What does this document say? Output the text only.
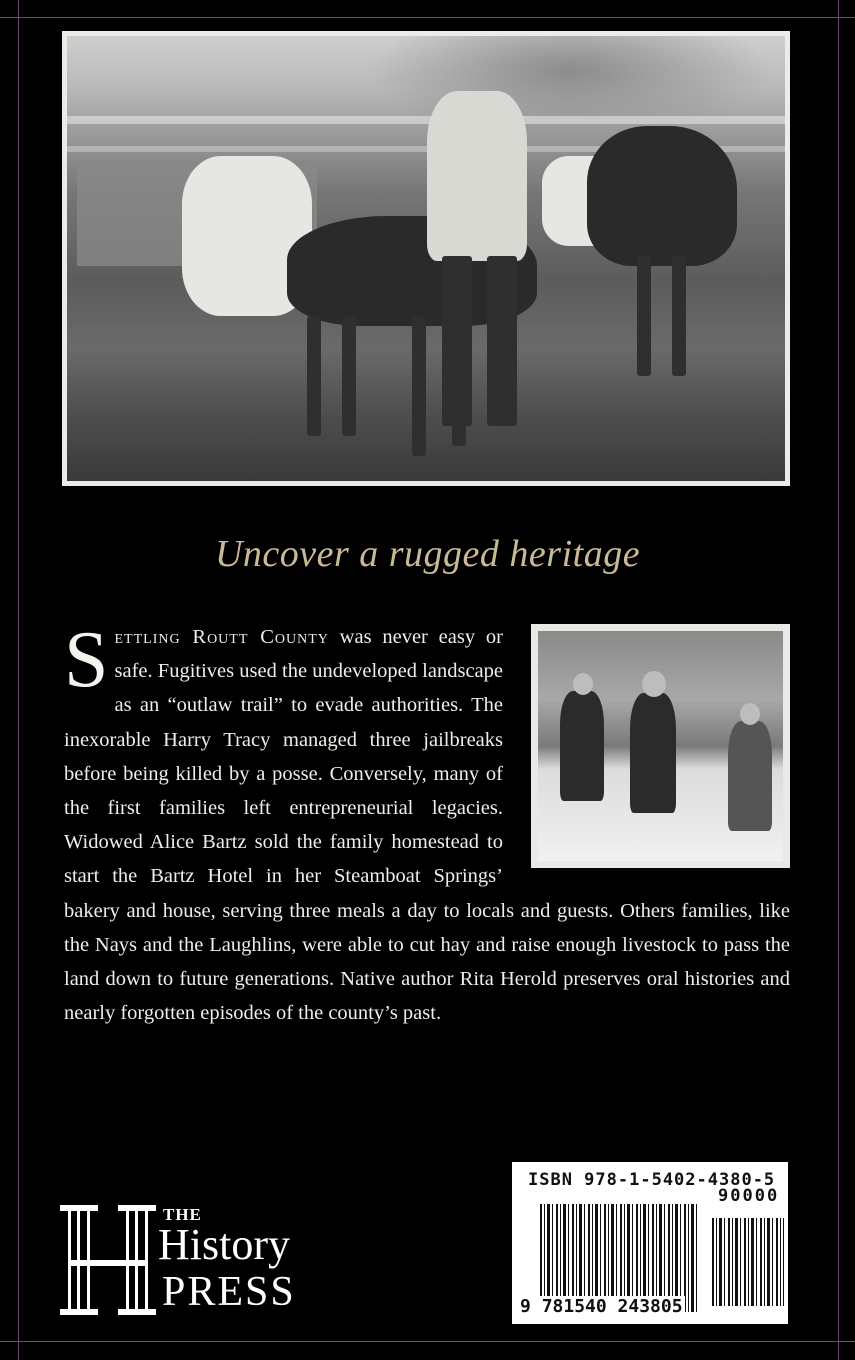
Uncover a rugged heritage
Settling Routt County was never easy or safe. Fugitives used the undeveloped landscape as an “outlaw trail” to evade authorities. The inexorable Harry Tracy managed three jailbreaks before being killed by a posse. Conversely, many of the first families left entrepreneurial legacies. Widowed Alice Bartz sold the family homestead to start the Bartz Hotel in her Steamboat Springs’ bakery and house, serving three meals a day to locals and guests. Others families, like the Nays and the Laughlins, were able to cut hay and raise enough livestock to pass the land down to future generations. Native author Rita Herold preserves oral histories and nearly forgotten episodes of the county’s past.
THE
History
PRESS
ISBN 978-1-5402-4380-5
90000
9 781540 243805
